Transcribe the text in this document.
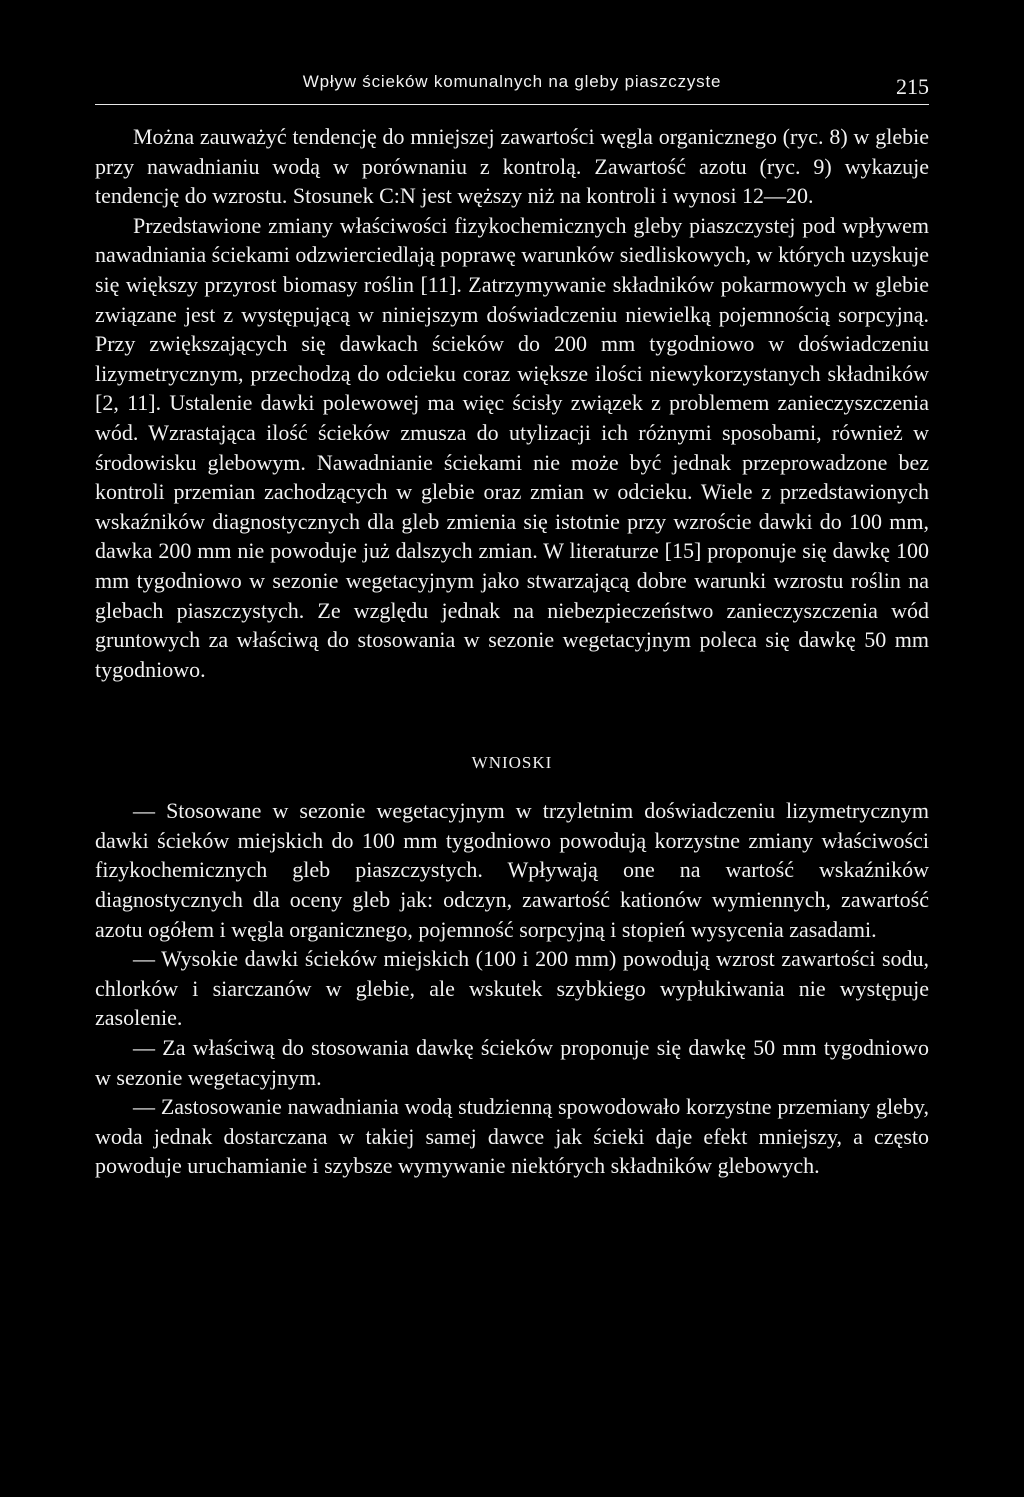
Wpływ ścieków komunalnych na gleby piaszczyste	215

Można zauważyć tendencję do mniejszej zawartości węgla organicznego (ryc. 8) w glebie przy nawadnianiu wodą w porównaniu z kontrolą. Zawartość azotu (ryc. 9) wykazuje tendencję do wzrostu. Stosunek C:N jest węższy niż na kontroli i wynosi 12—20.

Przedstawione zmiany właściwości fizykochemicznych gleby piaszczystej pod wpływem nawadniania ściekami odzwierciedlają poprawę warunków siedliskowych, w których uzyskuje się większy przyrost biomasy roślin [11]. Zatrzymywanie składników pokarmowych w glebie związane jest z występującą w niniejszym doświadczeniu niewielką pojemnością sorpcyjną. Przy zwiększających się dawkach ścieków do 200 mm tygodniowo w doświadczeniu lizymetrycznym, przechodzą do odcieku coraz większe ilości niewykorzystanych składników [2, 11]. Ustalenie dawki polewowej ma więc ścisły związek z problemem zanieczyszczenia wód. Wzrastająca ilość ścieków zmusza do utylizacji ich różnymi sposobami, również w środowisku glebowym. Nawadnianie ściekami nie może być jednak przeprowadzone bez kontroli przemian zachodzących w glebie oraz zmian w odcieku. Wiele z przedstawionych wskaźników diagnostycznych dla gleb zmienia się istotnie przy wzroście dawki do 100 mm, dawka 200 mm nie powoduje już dalszych zmian. W literaturze [15] proponuje się dawkę 100 mm tygodniowo w sezonie wegetacyjnym jako stwarzającą dobre warunki wzrostu roślin na glebach piaszczystych. Ze względu jednak na niebezpieczeństwo zanieczyszczenia wód gruntowych za właściwą do stosowania w sezonie wegetacyjnym poleca się dawkę 50 mm tygodniowo.

WNIOSKI

— Stosowane w sezonie wegetacyjnym w trzyletnim doświadczeniu lizymetrycznym dawki ścieków miejskich do 100 mm tygodniowo powodują korzystne zmiany właściwości fizykochemicznych gleb piaszczystych. Wpływają one na wartość wskaźników diagnostycznych dla oceny gleb jak: odczyn, zawartość kationów wymiennych, zawartość azotu ogółem i węgla organicznego, pojemność sorpcyjną i stopień wysycenia zasadami.

— Wysokie dawki ścieków miejskich (100 i 200 mm) powodują wzrost zawartości sodu, chlorków i siarczanów w glebie, ale wskutek szybkiego wypłukiwania nie występuje zasolenie.

— Za właściwą do stosowania dawkę ścieków proponuje się dawkę 50 mm tygodniowo w sezonie wegetacyjnym.

— Zastosowanie nawadniania wodą studzienną spowodowało korzystne przemiany gleby, woda jednak dostarczana w takiej samej dawce jak ścieki daje efekt mniejszy, a często powoduje uruchamianie i szybsze wymywanie niektórych składników glebowych.
